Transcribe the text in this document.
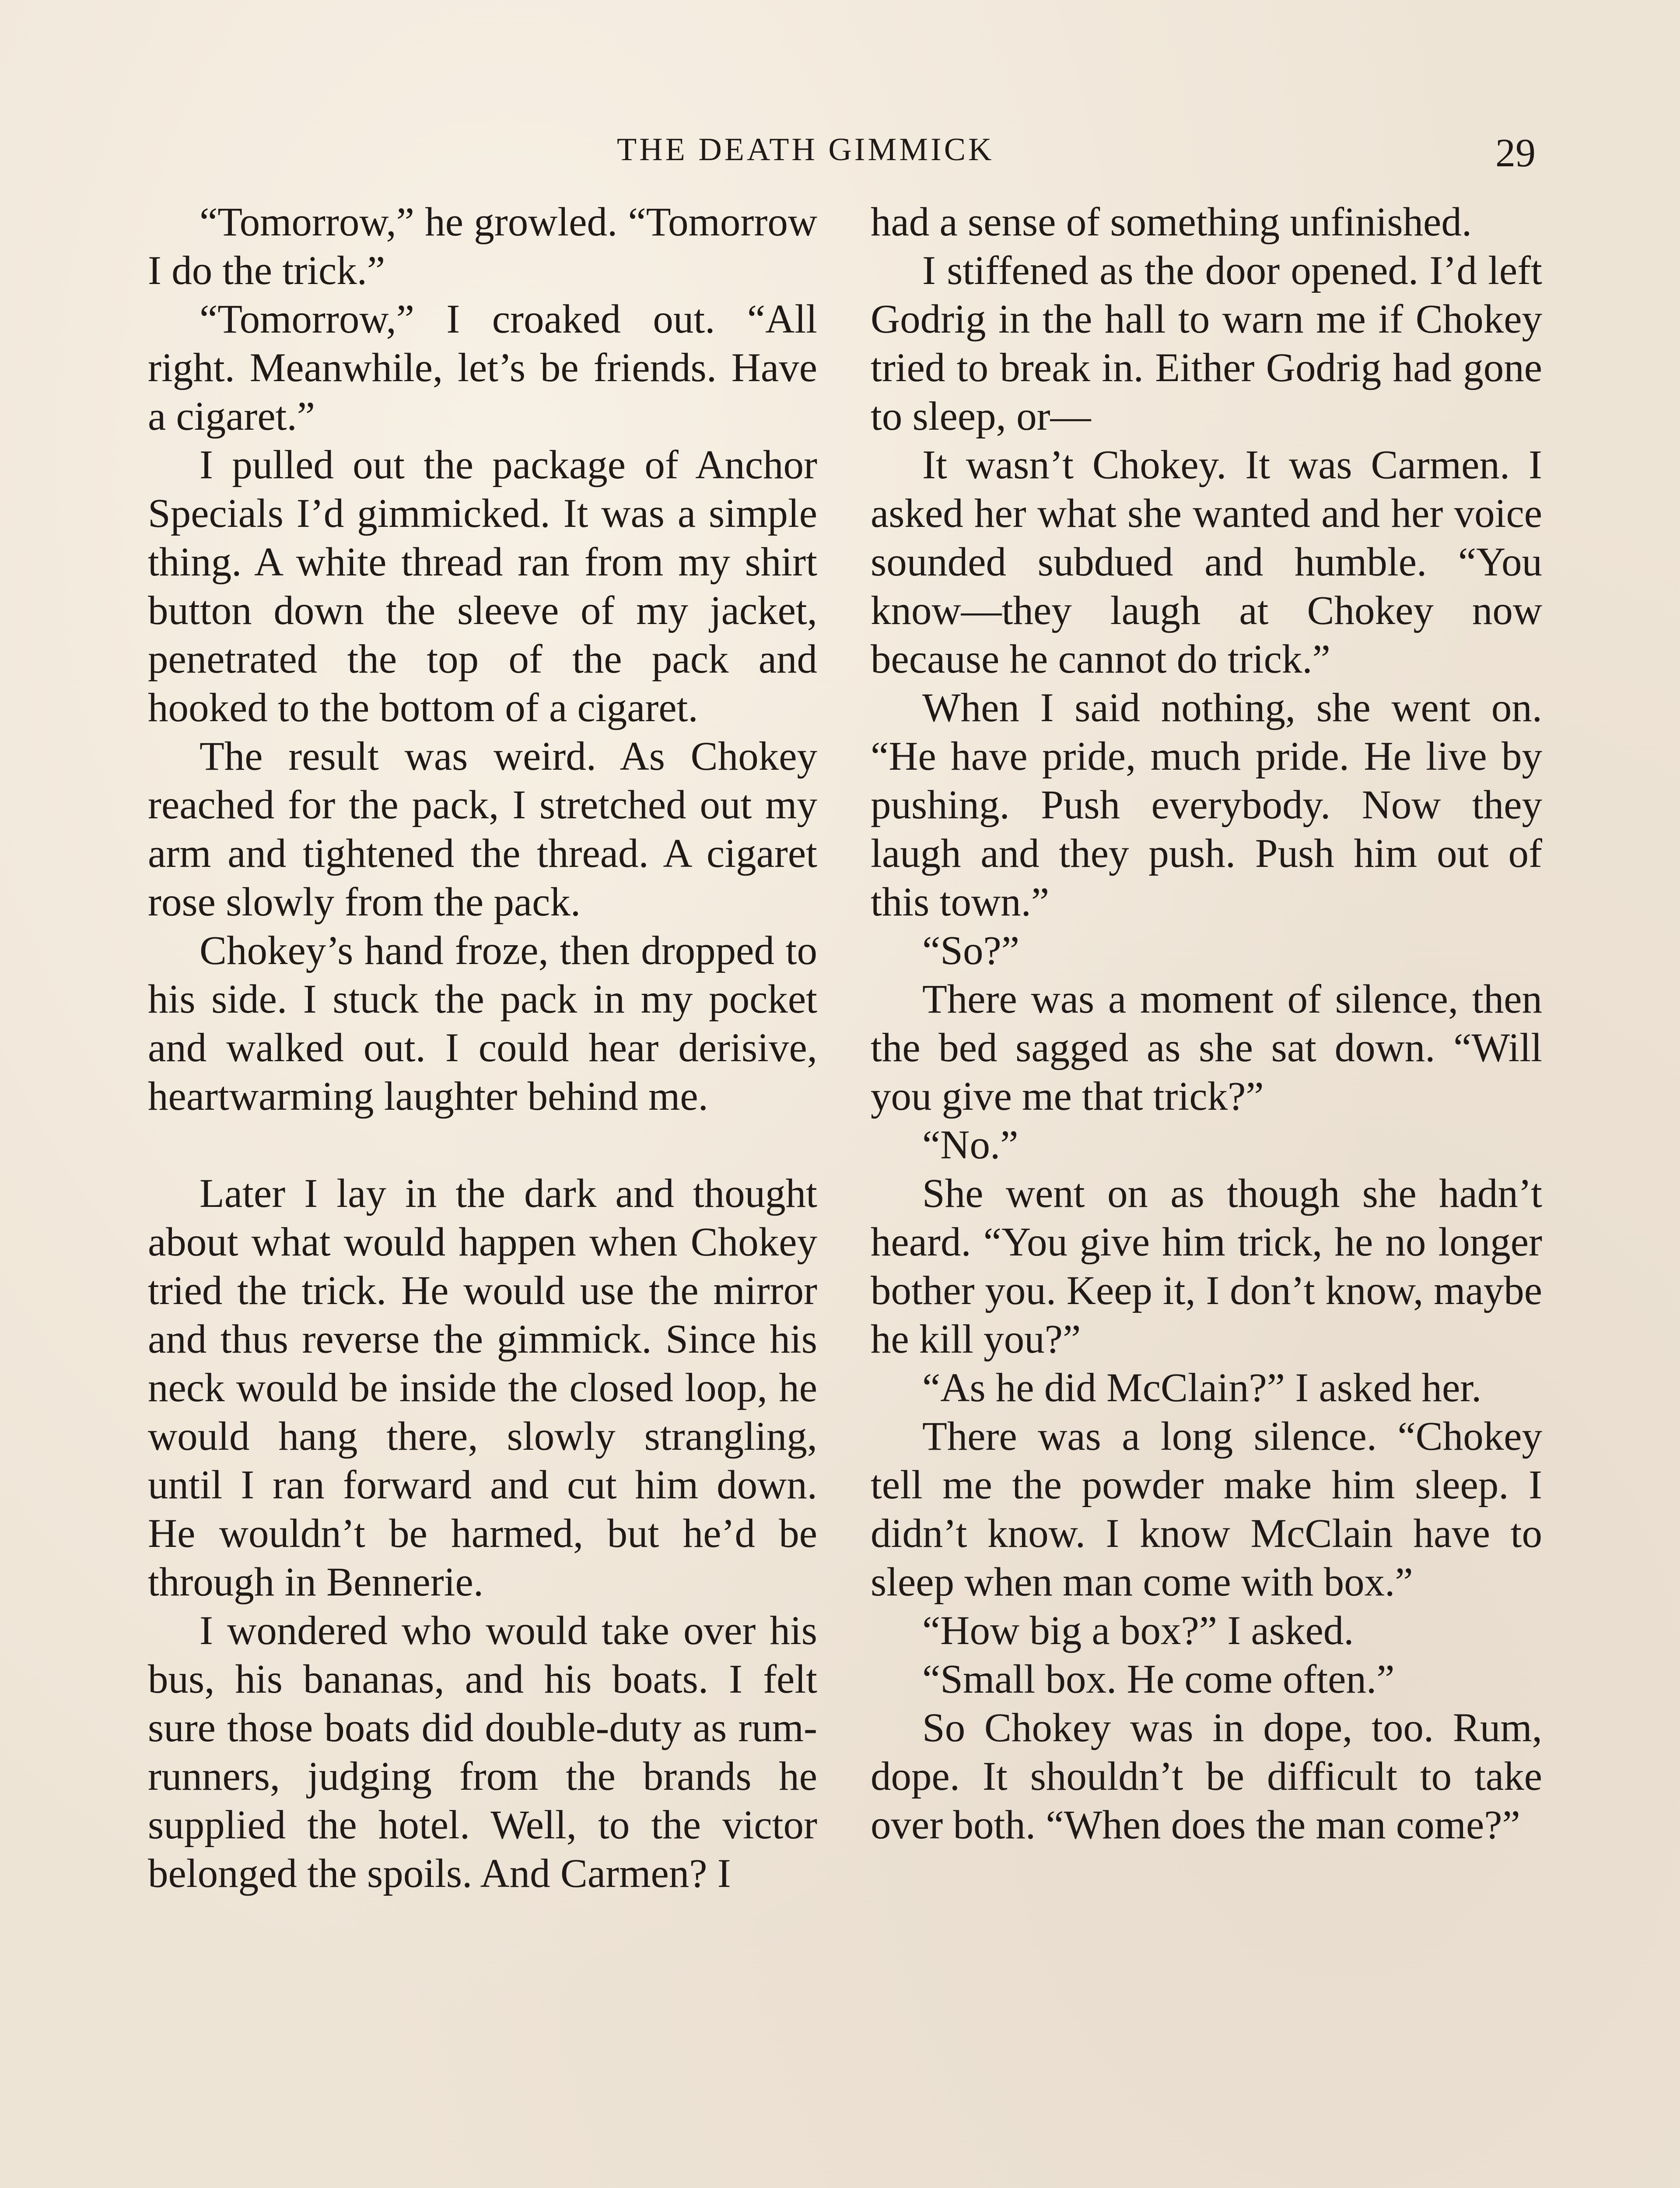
THE DEATH GIMMICK	29

“Tomorrow,” he growled. “Tomorrow I do the trick.”

“Tomorrow,” I croaked out. “All right. Meanwhile, let’s be friends. Have a cigaret.”

I pulled out the package of Anchor Specials I’d gimmicked. It was a simple thing. A white thread ran from my shirt button down the sleeve of my jacket, penetrated the top of the pack and hooked to the bottom of a cigaret.

The result was weird. As Chokey reached for the pack, I stretched out my arm and tightened the thread. A cigaret rose slowly from the pack.

Chokey’s hand froze, then dropped to his side. I stuck the pack in my pocket and walked out. I could hear derisive, heartwarming laughter behind me.

Later I lay in the dark and thought about what would happen when Chokey tried the trick. He would use the mirror and thus reverse the gimmick. Since his neck would be inside the closed loop, he would hang there, slowly strangling, until I ran forward and cut him down. He wouldn’t be harmed, but he’d be through in Bennerie.

I wondered who would take over his bus, his bananas, and his boats. I felt sure those boats did double-duty as rum-runners, judging from the brands he supplied the hotel. Well, to the victor belonged the spoils. And Carmen? I

had a sense of something unfinished.

I stiffened as the door opened. I’d left Godrig in the hall to warn me if Chokey tried to break in. Either Godrig had gone to sleep, or—

It wasn’t Chokey. It was Carmen. I asked her what she wanted and her voice sounded subdued and humble. “You know—they laugh at Chokey now because he cannot do trick.”

When I said nothing, she went on. “He have pride, much pride. He live by pushing. Push everybody. Now they laugh and they push. Push him out of this town.”

“So?”

There was a moment of silence, then the bed sagged as she sat down. “Will you give me that trick?”

“No.”

She went on as though she hadn’t heard. “You give him trick, he no longer bother you. Keep it, I don’t know, maybe he kill you?”

“As he did McClain?” I asked her.

There was a long silence. “Chokey tell me the powder make him sleep. I didn’t know. I know McClain have to sleep when man come with box.”

“How big a box?” I asked.

“Small box. He come often.”

So Chokey was in dope, too. Rum, dope. It shouldn’t be difficult to take over both. “When does the man come?”
